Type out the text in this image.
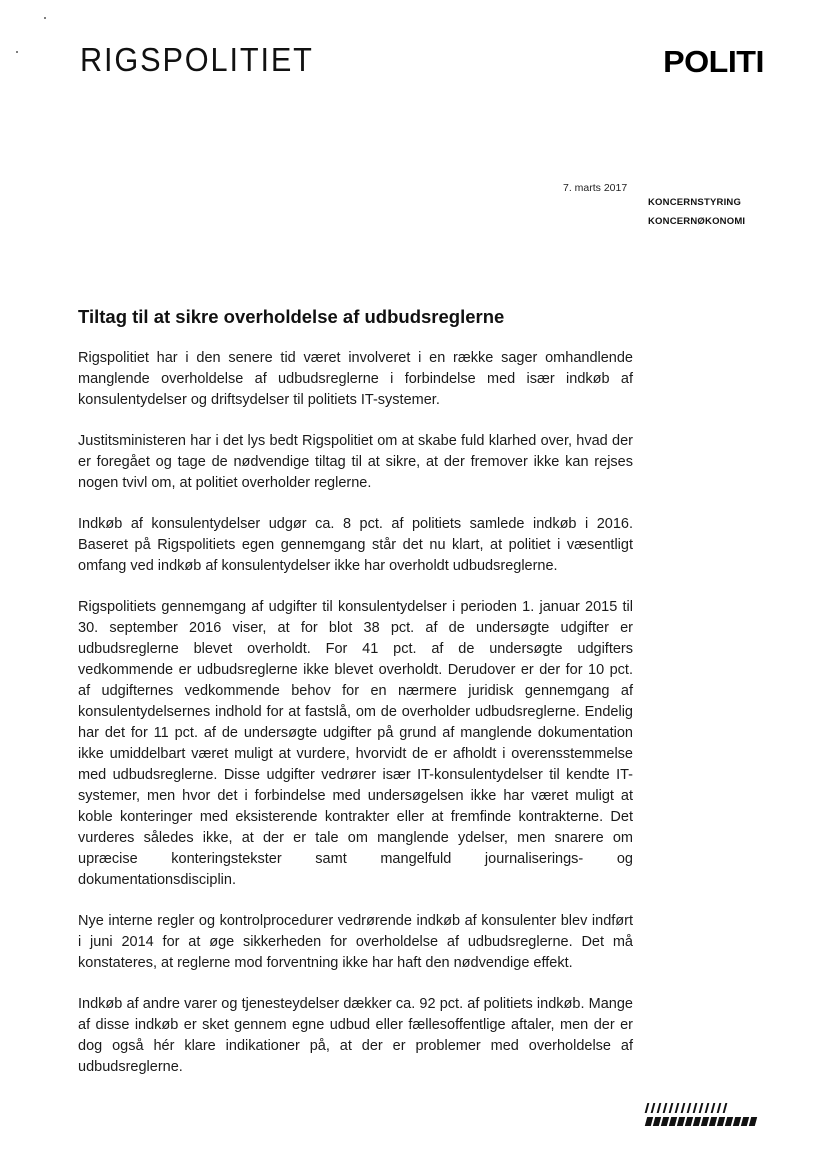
RIGSPOLITIET	POLITI
7. marts 2017
KONCERNSTYRING
KONCERNØKONOMI
Tiltag til at sikre overholdelse af udbudsreglerne

Rigspolitiet har i den senere tid været involveret i en række sager omhandlende manglende overholdelse af udbudsreglerne i forbindelse med især indkøb af konsulentydelser og driftsydelser til politiets IT-systemer.

Justitsministeren har i det lys bedt Rigspolitiet om at skabe fuld klarhed over, hvad der er foregået og tage de nødvendige tiltag til at sikre, at der fremover ikke kan rejses nogen tvivl om, at politiet overholder reglerne.

Indkøb af konsulentydelser udgør ca. 8 pct. af politiets samlede indkøb i 2016. Baseret på Rigspolitiets egen gennemgang står det nu klart, at politiet i væsentligt omfang ved indkøb af konsulentydelser ikke har overholdt udbudsreglerne.

Rigspolitiets gennemgang af udgifter til konsulentydelser i perioden 1. januar 2015 til 30. september 2016 viser, at for blot 38 pct. af de undersøgte udgifter er udbudsreglerne blevet overholdt. For 41 pct. af de undersøgte udgifters vedkommende er udbudsreglerne ikke blevet overholdt. Derudover er der for 10 pct. af udgifternes vedkommende behov for en nærmere juridisk gennemgang af konsulentydelsernes indhold for at fastslå, om de overholder udbudsreglerne. Endelig har det for 11 pct. af de undersøgte udgifter på grund af manglende dokumentation ikke umiddelbart været muligt at vurdere, hvorvidt de er afholdt i overensstemmelse med udbudsreglerne. Disse udgifter vedrører især IT-konsulentydelser til kendte IT-systemer, men hvor det i forbindelse med undersøgelsen ikke har været muligt at koble konteringer med eksisterende kontrakter eller at fremfinde kontrakterne. Det vurderes således ikke, at der er tale om manglende ydelser, men snarere om upræcise konteringstekster samt mangelfuld journaliserings- og dokumentationsdisciplin.

Nye interne regler og kontrolprocedurer vedrørende indkøb af konsulenter blev indført i juni 2014 for at øge sikkerheden for overholdelse af udbudsreglerne. Det må konstateres, at reglerne mod forventning ikke har haft den nødvendige effekt.

Indkøb af andre varer og tjenesteydelser dækker ca. 92 pct. af politiets indkøb. Mange af disse indkøb er sket gennem egne udbud eller fællesoffentlige aftaler, men der er dog også hér klare indikationer på, at der er problemer med overholdelse af udbudsreglerne.
